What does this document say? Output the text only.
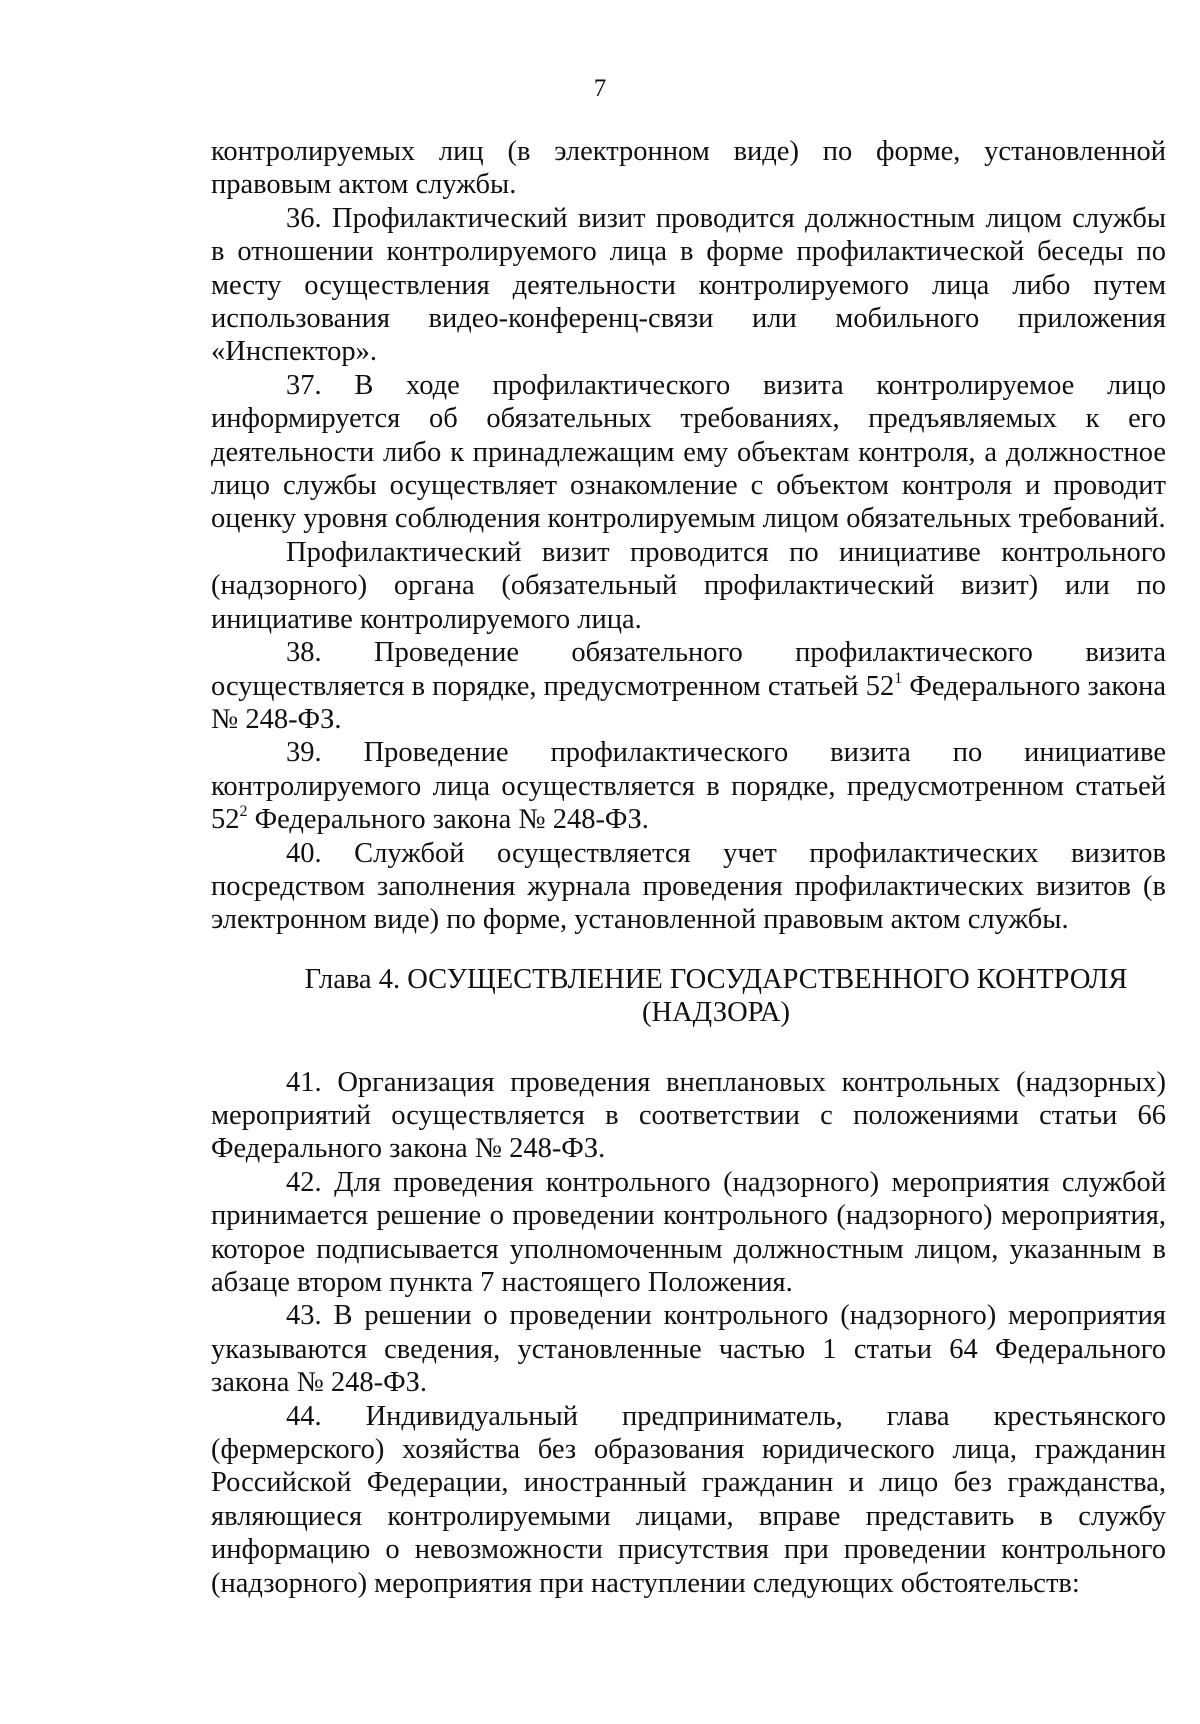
7

контролируемых лиц (в электронном виде) по форме, установленной правовым актом службы.

36. Профилактический визит проводится должностным лицом службы в отношении контролируемого лица в форме профилактической беседы по месту осуществления деятельности контролируемого лица либо путем использования видео-конференц-связи или мобильного приложения «Инспектор».

37. В ходе профилактического визита контролируемое лицо информируется об обязательных требованиях, предъявляемых к его деятельности либо к принадлежащим ему объектам контроля, а должностное лицо службы осуществляет ознакомление с объектом контроля и проводит оценку уровня соблюдения контролируемым лицом обязательных требований.

Профилактический визит проводится по инициативе контрольного (надзорного) органа (обязательный профилактический визит) или по инициативе контролируемого лица.

38. Проведение обязательного профилактического визита осуществляется в порядке, предусмотренном статьей $52^1$ Федерального закона № 248-ФЗ.

39. Проведение профилактического визита по инициативе контролируемого лица осуществляется в порядке, предусмотренном статьей $52^2$ Федерального закона № 248-ФЗ.

40. Службой осуществляется учет профилактических визитов посредством заполнения журнала проведения профилактических визитов (в электронном виде) по форме, установленной правовым актом службы.

Глава 4. ОСУЩЕСТВЛЕНИЕ ГОСУДАРСТВЕННОГО КОНТРОЛЯ
(НАДЗОРА)

41. Организация проведения внеплановых контрольных (надзорных) мероприятий осуществляется в соответствии с положениями статьи 66 Федерального закона № 248-ФЗ.

42. Для проведения контрольного (надзорного) мероприятия службой принимается решение о проведении контрольного (надзорного) мероприятия, которое подписывается уполномоченным должностным лицом, указанным в абзаце втором пункта 7 настоящего Положения.

43. В решении о проведении контрольного (надзорного) мероприятия указываются сведения, установленные частью 1 статьи 64 Федерального закона № 248-ФЗ.

44. Индивидуальный предприниматель, глава крестьянского (фермерского) хозяйства без образования юридического лица, гражданин Российской Федерации, иностранный гражданин и лицо без гражданства, являющиеся контролируемыми лицами, вправе представить в службу информацию о невозможности присутствия при проведении контрольного (надзорного) мероприятия при наступлении следующих обстоятельств:
